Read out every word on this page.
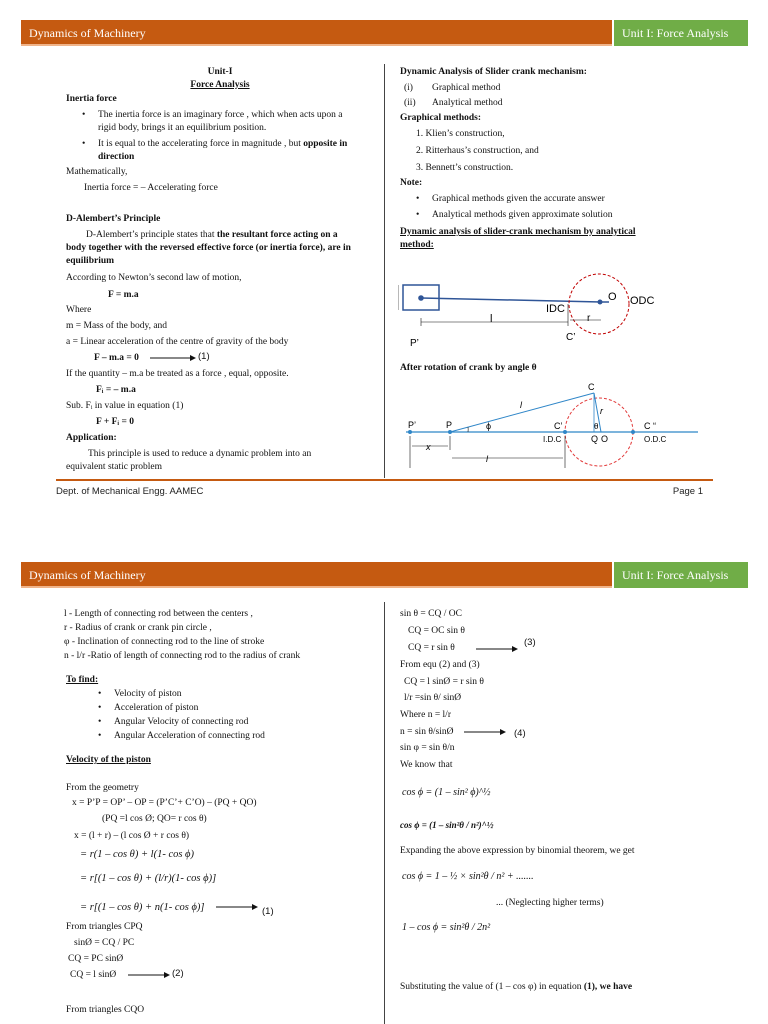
Dynamics of Machinery	Unit I: Force Analysis
Unit-I
Force Analysis
Inertia force
• The inertia force is an imaginary force , which when acts upon a
rigid body, brings it an equilibrium position.
• It is equal to the accelerating force in magnitude , but opposite in
direction
Mathematically,
Inertia force = – Accelerating force
D-Alembert’s Principle
D-Alembert’s principle states that the resultant force acting on a
body together with the reversed effective force (or inertia force), are in
equilibrium
According to Newton’s second law of motion,
F = m.a
Where
m = Mass of the body, and
a = Linear acceleration of the centre of gravity of the body
F – m.a = 0	(1)
If the quantity – m.a be treated as a force , equal, opposite.
Fᵢ = – m.a
Sub. Fᵢ in value in equation (1)
F + Fᵢ = 0
Application:
This principle is used to reduce a dynamic problem into an
equivalent static problem
Dynamic Analysis of Slider crank mechanism:
(i) Graphical method
(ii) Analytical method
Graphical methods:
1. Klien’s construction,
2. Ritterhaus’s construction, and
3. Bennett’s construction.
Note:
• Graphical methods given the accurate answer
• Analytical methods given approximate solution
Dynamic analysis of slider-crank mechanism by analytical
method:
IDC
O ODC
l	r
C’
P’
After rotation of crank by angle θ
C
P’	P
l
r
ϕ	θ
C’	C “
Q O
I.D.C	O.D.C
x
l
Dept. of Mechanical Engg. AAMEC	Page 1
Dynamics of Machinery	Unit I: Force Analysis
l - Length of connecting rod between the centers ,
r - Radius of crank or crank pin circle ,
φ - Inclination of connecting rod to the line of stroke
n - l/r -Ratio of length of connecting rod to the radius of crank
To find:
• Velocity of piston
• Acceleration of piston
• Angular Velocity of connecting rod
• Angular Acceleration of connecting rod
Velocity of the piston
From the geometry
x = P’P = OP’ – OP = (P’C’+ C’O) – (PQ + QO)
(PQ =l cos Ø; QO= r cos θ)
x = (l + r) – (l cos Ø + r cos θ)
= r(1 – cos θ) + l(1- cos ϕ)
= r[(1 – cos θ) + (l/r)(1- cos ϕ)]
= r[(1 – cos θ) + n(1- cos ϕ)]	(1)
From triangles CPQ
sinØ = CQ / PC
CQ = PC sinØ
CQ = l sinØ	(2)
From triangles CQO
sin θ = CQ / OC
CQ = OC sin θ
CQ = r sin θ	(3)
From equ (2) and (3)
CQ = l sinØ = r sin θ
l/r =sin θ/ sinØ
Where n = l/r
n = sin θ/sinØ	(4)
sin φ = sin θ/n
We know that
cos ϕ = (1 – sin² ϕ)^½
cos ϕ = (1 – sin²θ / n²)^½
Expanding the above expression by binomial theorem, we get
cos ϕ = 1 – ½ × sin²θ / n² + .......
... (Neglecting higher terms)
1 – cos ϕ = sin²θ / 2n²
Substituting the value of (1 – cos φ) in equation (1), we have
